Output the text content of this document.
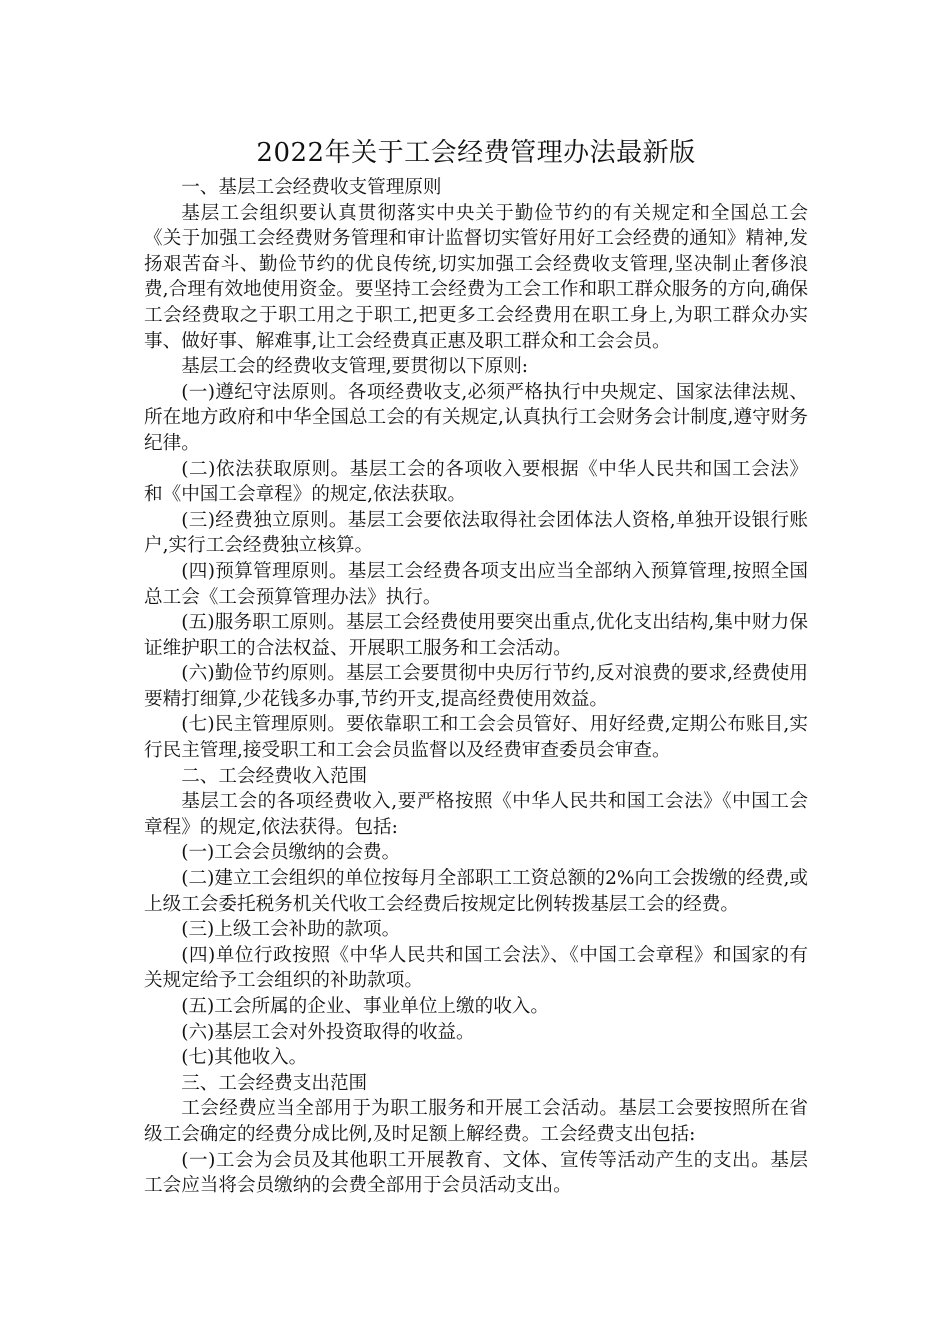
2022年关于工会经费管理办法最新版

一、基层工会经费收支管理原则

基层工会组织要认真贯彻落实中央关于勤俭节约的有关规定和全国总工会《关于加强工会经费财务管理和审计监督切实管好用好工会经费的通知》精神,发扬艰苦奋斗、勤俭节约的优良传统,切实加强工会经费收支管理,坚决制止奢侈浪费,合理有效地使用资金。要坚持工会经费为工会工作和职工群众服务的方向,确保工会经费取之于职工用之于职工,把更多工会经费用在职工身上,为职工群众办实事、做好事、解难事,让工会经费真正惠及职工群众和工会会员。

基层工会的经费收支管理,要贯彻以下原则:

(一)遵纪守法原则。各项经费收支,必须严格执行中央规定、国家法律法规、所在地方政府和中华全国总工会的有关规定,认真执行工会财务会计制度,遵守财务纪律。

(二)依法获取原则。基层工会的各项收入要根据《中华人民共和国工会法》和《中国工会章程》的规定,依法获取。

(三)经费独立原则。基层工会要依法取得社会团体法人资格,单独开设银行账户,实行工会经费独立核算。

(四)预算管理原则。基层工会经费各项支出应当全部纳入预算管理,按照全国总工会《工会预算管理办法》执行。

(五)服务职工原则。基层工会经费使用要突出重点,优化支出结构,集中财力保证维护职工的合法权益、开展职工服务和工会活动。

(六)勤俭节约原则。基层工会要贯彻中央厉行节约,反对浪费的要求,经费使用要精打细算,少花钱多办事,节约开支,提高经费使用效益。

(七)民主管理原则。要依靠职工和工会会员管好、用好经费,定期公布账目,实行民主管理,接受职工和工会会员监督以及经费审查委员会审查。

二、工会经费收入范围

基层工会的各项经费收入,要严格按照《中华人民共和国工会法》《中国工会章程》的规定,依法获得。包括:

(一)工会会员缴纳的会费。

(二)建立工会组织的单位按每月全部职工工资总额的2%向工会拨缴的经费,或上级工会委托税务机关代收工会经费后按规定比例转拨基层工会的经费。

(三)上级工会补助的款项。

(四)单位行政按照《中华人民共和国工会法》、《中国工会章程》和国家的有关规定给予工会组织的补助款项。

(五)工会所属的企业、事业单位上缴的收入。

(六)基层工会对外投资取得的收益。

(七)其他收入。

三、工会经费支出范围

工会经费应当全部用于为职工服务和开展工会活动。基层工会要按照所在省级工会确定的经费分成比例,及时足额上解经费。工会经费支出包括:

(一)工会为会员及其他职工开展教育、文体、宣传等活动产生的支出。基层工会应当将会员缴纳的会费全部用于会员活动支出。
